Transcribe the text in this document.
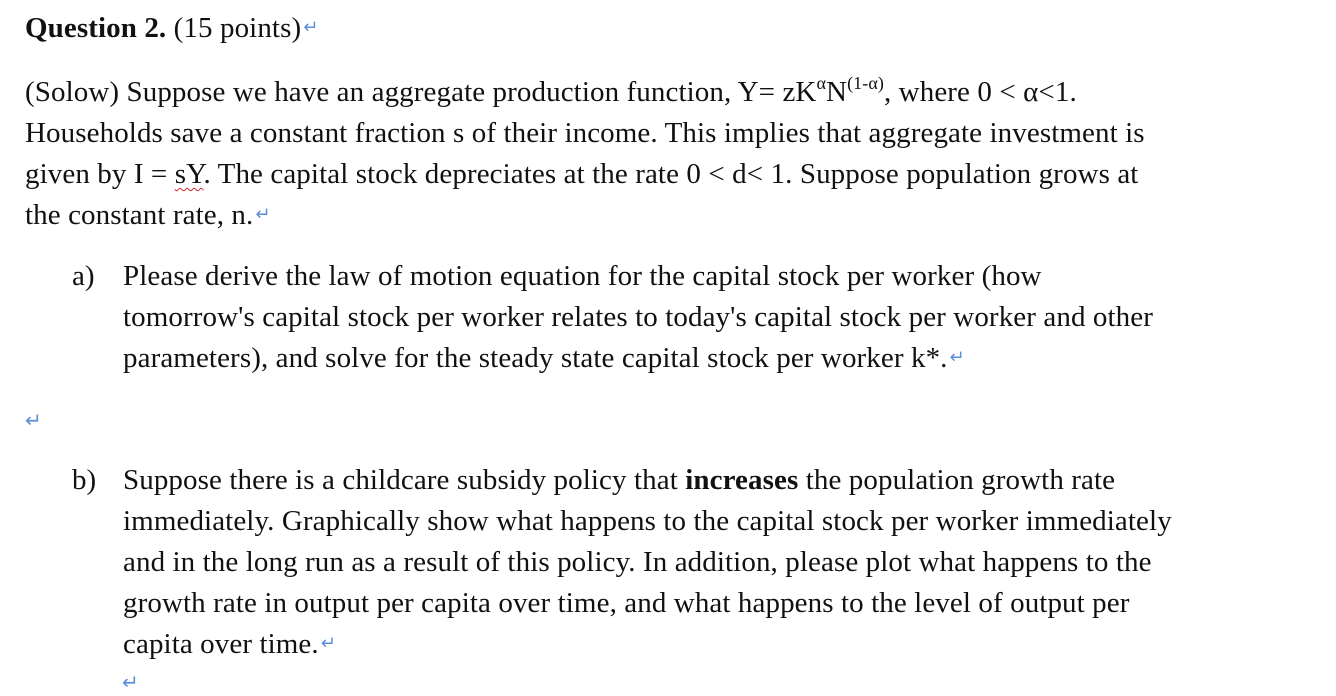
Question 2. (15 points) ↵
(Solow) Suppose we have an aggregate production function, $Y= zK^\alpha N^{(1-\alpha)}$, where 0 < α<1.
Households save a constant fraction s of their income. This implies that aggregate investment is
given by I = sY. The capital stock depreciates at the rate 0 < d< 1. Suppose population grows at
the constant rate, n. ↵
a) Please derive the law of motion equation for the capital stock per worker (how
tomorrow's capital stock per worker relates to today's capital stock per worker and other
parameters), and solve for the steady state capital stock per worker k*. ↵
↵
b) Suppose there is a childcare subsidy policy that increases the population growth rate
immediately. Graphically show what happens to the capital stock per worker immediately
and in the long run as a result of this policy. In addition, please plot what happens to the
growth rate in output per capita over time, and what happens to the level of output per
capita over time. ↵
↵
